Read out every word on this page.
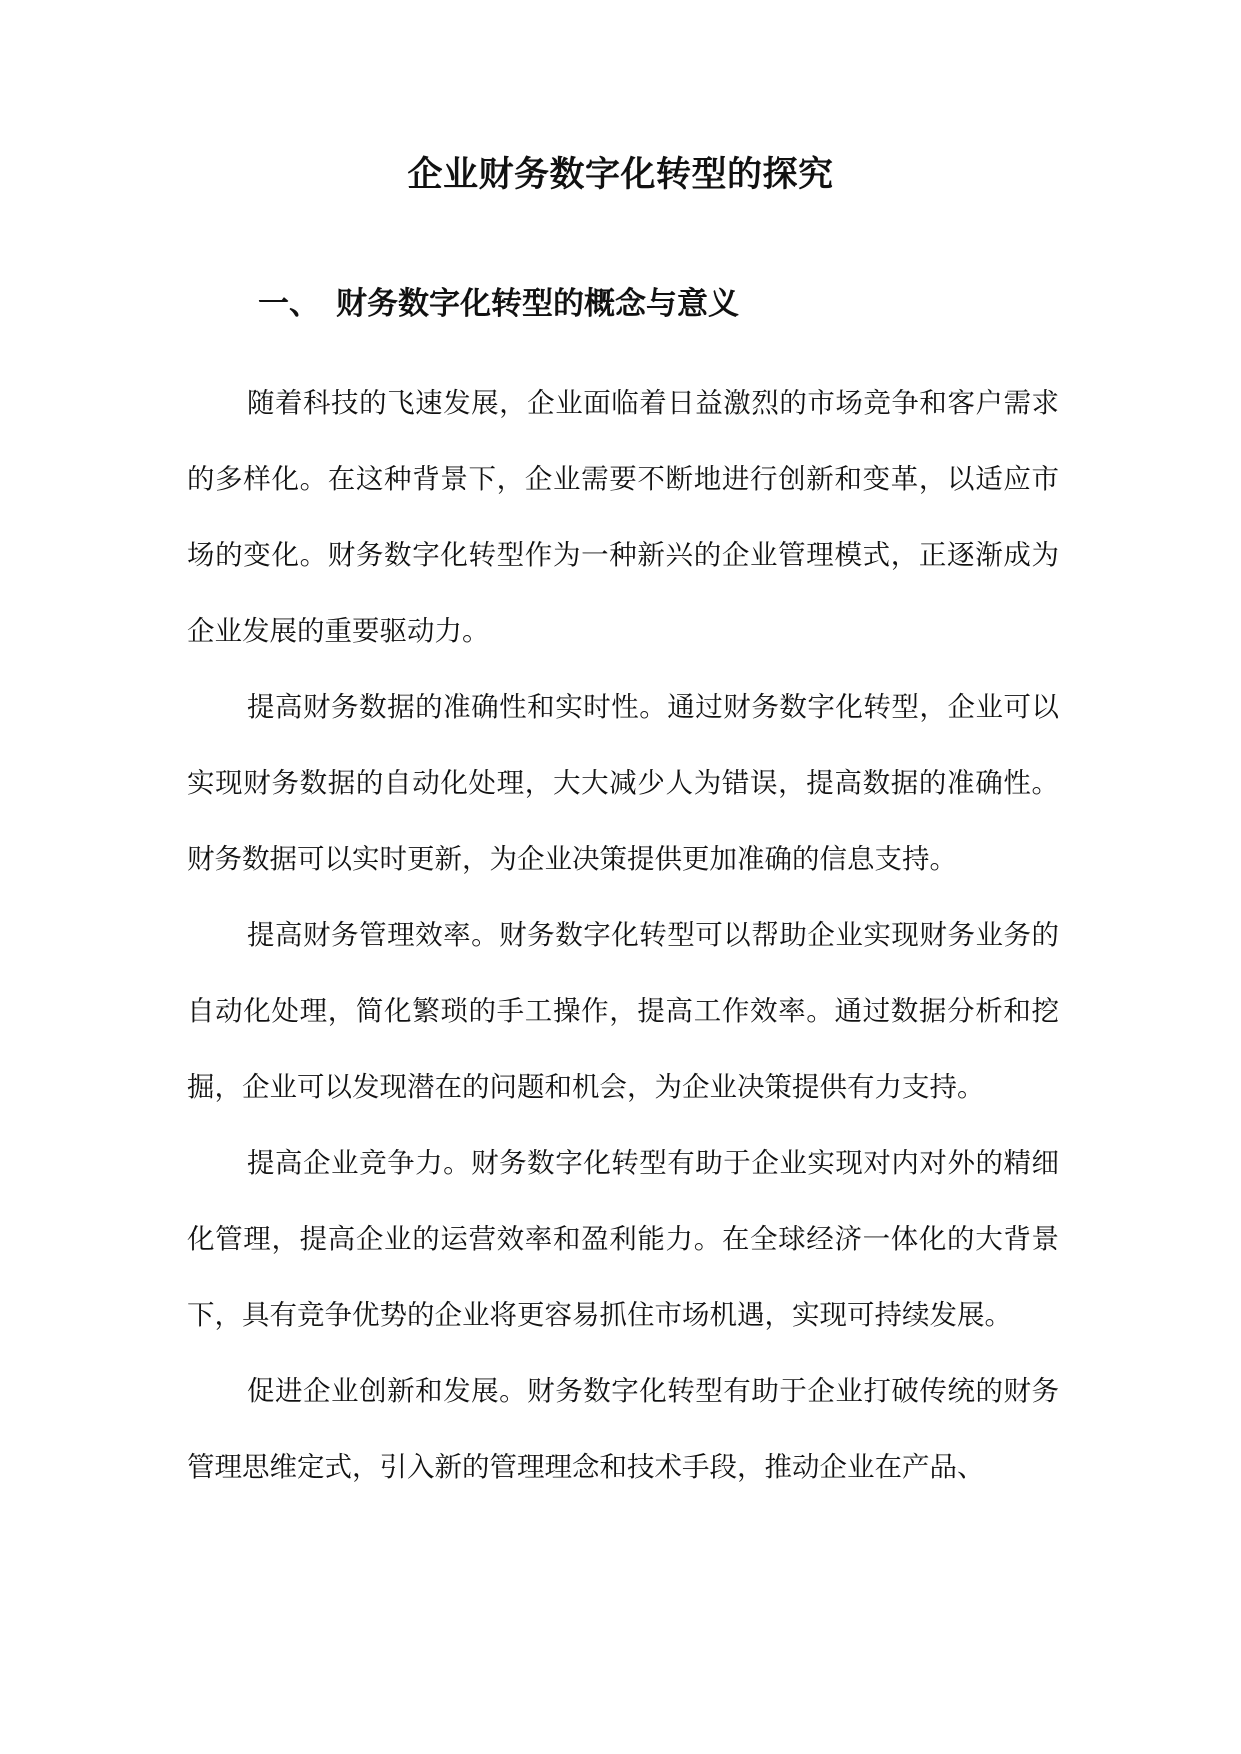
企业财务数字化转型的探究
一、 财务数字化转型的概念与意义

随着科技的飞速发展，企业面临着日益激烈的市场竞争和客户需求的多样化。在这种背景下，企业需要不断地进行创新和变革，以适应市场的变化。财务数字化转型作为一种新兴的企业管理模式，正逐渐成为企业发展的重要驱动力。

提高财务数据的准确性和实时性。通过财务数字化转型，企业可以实现财务数据的自动化处理，大大减少人为错误，提高数据的准确性。财务数据可以实时更新，为企业决策提供更加准确的信息支持。

提高财务管理效率。财务数字化转型可以帮助企业实现财务业务的自动化处理，简化繁琐的手工操作，提高工作效率。通过数据分析和挖掘，企业可以发现潜在的问题和机会，为企业决策提供有力支持。

提高企业竞争力。财务数字化转型有助于企业实现对内对外的精细化管理，提高企业的运营效率和盈利能力。在全球经济一体化的大背景下，具有竞争优势的企业将更容易抓住市场机遇，实现可持续发展。

促进企业创新和发展。财务数字化转型有助于企业打破传统的财务管理思维定式，引入新的管理理念和技术手段，推动企业在产品、
